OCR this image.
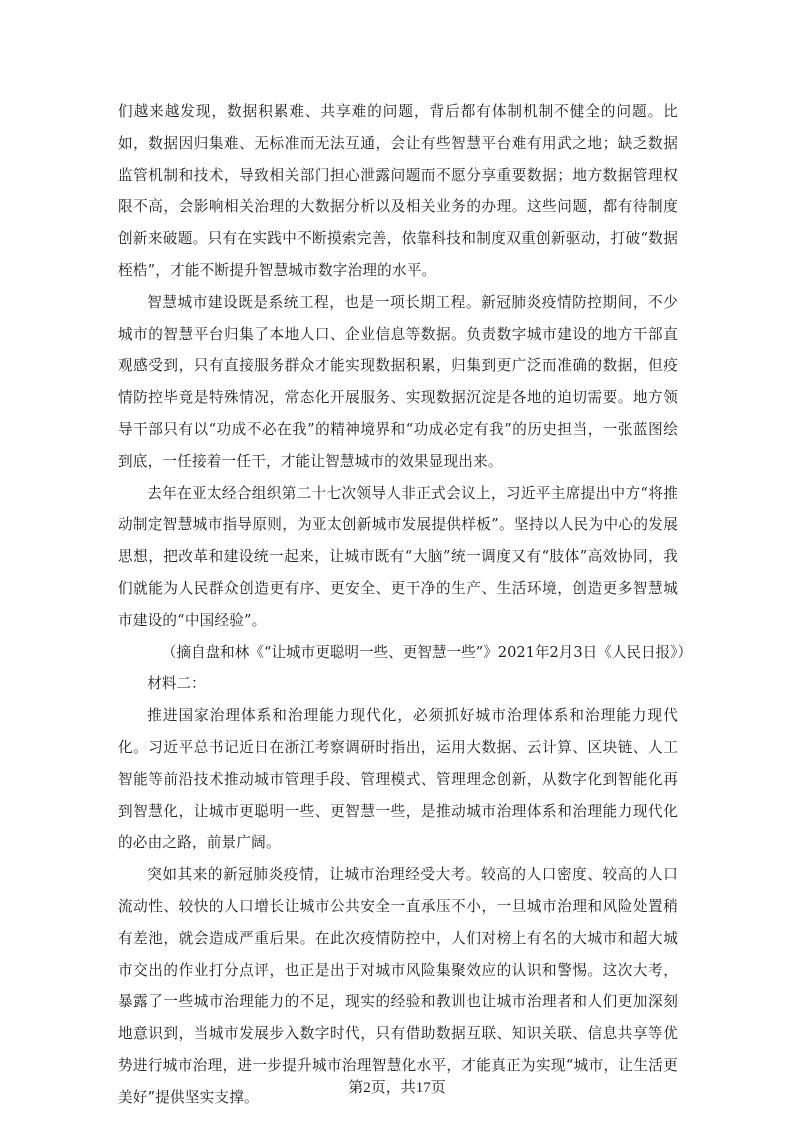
们越来越发现，数据积累难、共享难的问题，背后都有体制机制不健全的问题。比如，数据因归集难、无标准而无法互通，会让有些智慧平台难有用武之地；缺乏数据监管机制和技术，导致相关部门担心泄露问题而不愿分享重要数据；地方数据管理权限不高，会影响相关治理的大数据分析以及相关业务的办理。这些问题，都有待制度创新来破题。只有在实践中不断摸索完善，依靠科技和制度双重创新驱动，打破“数据桎梏”，才能不断提升智慧城市数字治理的水平。

智慧城市建设既是系统工程，也是一项长期工程。新冠肺炎疫情防控期间，不少城市的智慧平台归集了本地人口、企业信息等数据。负责数字城市建设的地方干部直观感受到，只有直接服务群众才能实现数据积累，归集到更广泛而准确的数据，但疫情防控毕竟是特殊情况，常态化开展服务、实现数据沉淀是各地的迫切需要。地方领导干部只有以“功成不必在我”的精神境界和“功成必定有我”的历史担当，一张蓝图绘到底，一任接着一任干，才能让智慧城市的效果显现出来。

去年在亚太经合组织第二十七次领导人非正式会议上，习近平主席提出中方“将推动制定智慧城市指导原则，为亚太创新城市发展提供样板”。坚持以人民为中心的发展思想，把改革和建设统一起来，让城市既有“大脑”统一调度又有“肢体”高效协同，我们就能为人民群众创造更有序、更安全、更干净的生产、生活环境，创造更多智慧城市建设的“中国经验”。

（摘自盘和林《“让城市更聪明一些、更智慧一些”》2021年2月3日《人民日报》）

材料二：

推进国家治理体系和治理能力现代化，必须抓好城市治理体系和治理能力现代化。习近平总书记近日在浙江考察调研时指出，运用大数据、云计算、区块链、人工智能等前沿技术推动城市管理手段、管理模式、管理理念创新，从数字化到智能化再到智慧化，让城市更聪明一些、更智慧一些，是推动城市治理体系和治理能力现代化的必由之路，前景广阔。

突如其来的新冠肺炎疫情，让城市治理经受大考。较高的人口密度、较高的人口流动性、较快的人口增长让城市公共安全一直承压不小，一旦城市治理和风险处置稍有差池，就会造成严重后果。在此次疫情防控中，人们对榜上有名的大城市和超大城市交出的作业打分点评，也正是出于对城市风险集聚效应的认识和警惕。这次大考，暴露了一些城市治理能力的不足，现实的经验和教训也让城市治理者和人们更加深刻地意识到，当城市发展步入数字时代，只有借助数据互联、知识关联、信息共享等优势进行城市治理，进一步提升城市治理智慧化水平，才能真正为实现“城市，让生活更美好”提供坚实支撑。

第2页，共17页
